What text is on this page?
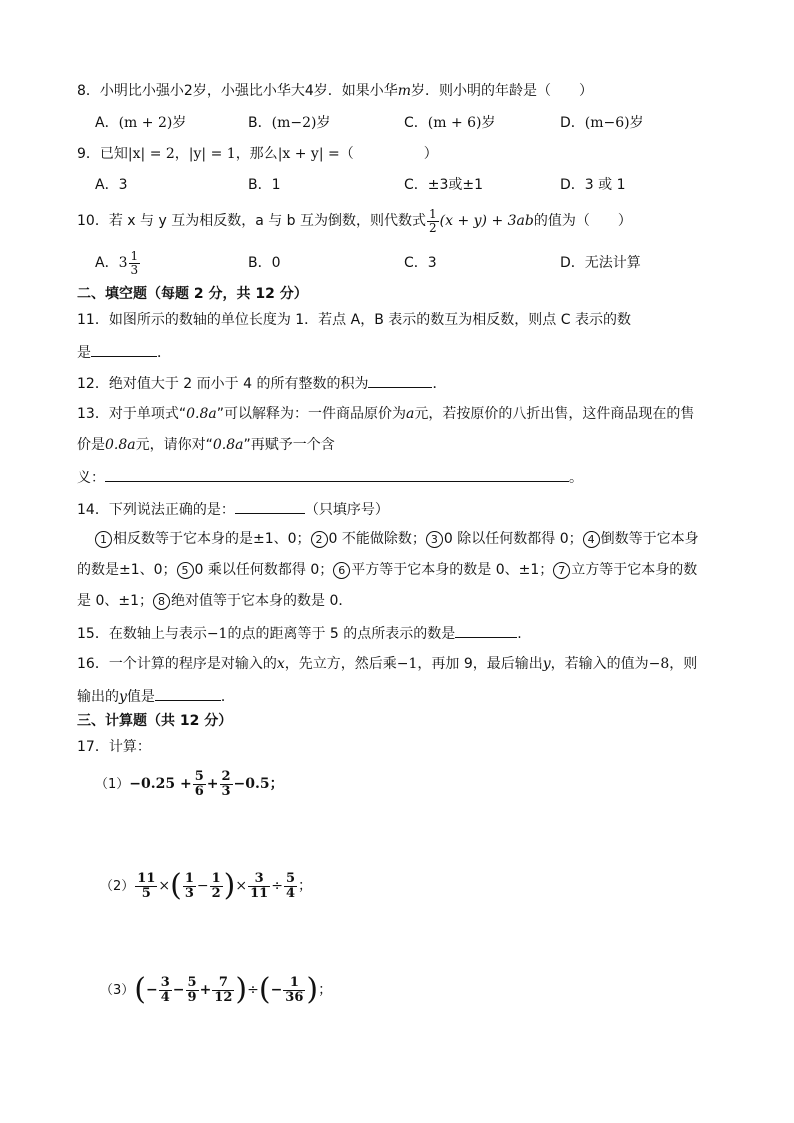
8．小明比小强小2岁，小强比小华大4岁．如果小华m岁．则小明的年龄是（　　）
A．(m + 2)岁	B．(m−2)岁	C．(m + 6)岁	D．(m−6)岁
9．已知|x| = 2，|y| = 1，那么|x + y| =（　　　　　）
A．3	B．1	C．±3或±1	D．3 或 1
10．若 x 与 y 互为相反数，a 与 b 互为倒数，则代数式 $\frac{1}{2} (x + y) + 3ab$的值为（　　）
A．$3 \frac{1}{3}$	B．0	C．3	D．无法计算
二、填空题（每题 2 分，共 12 分）
11．如图所示的数轴的单位长度为 1．若点 A，B 表示的数互为相反数，则点 C 表示的数
是	．
12．绝对值大于 2 而小于 4 的所有整数的积为	．
13．对于单项式“0.8a”可以解释为：一件商品原价为a元，若按原价的八折出售，这件商品现在的售
价是0.8a元，请你对“0.8a”再赋予一个含
义：	。
14．下列说法正确的是：	（只填序号）
1 相反数等于它本身的是±1、0； 2 0 不能做除数； 3 0 除以任何数都得 0； 4 倒数等于它本身
的数是±1、0； 5 0 乘以任何数都得 0； 6 平方等于它本身的数是 0、±1； 7 立方等于它本身的数
是 0、±1； 8 绝对值等于它本身的数是 0．
15．在数轴上与表示−1的点的距离等于 5 的点所表示的数是	.
16．一个计算的程序是对输入的x，先立方，然后乘−1，再加 9，最后输出y，若输入的值为−8，则
输出的y值是	．
三、计算题（共 12 分）
17．计算：
$(1)-0.25 + \frac{5}{6} + \frac{2}{3} -0.5$；
$(2) \frac{11}{5}$ ×( $\frac{1}{3} - \frac{1}{2}$ )× $\frac{3}{11} \div \frac{5}{4}$ ；
$(3)(- \frac{3}{4} - \frac{5}{9} + \frac{7}{12}$ )÷(− $\frac{1}{36}$ )；
